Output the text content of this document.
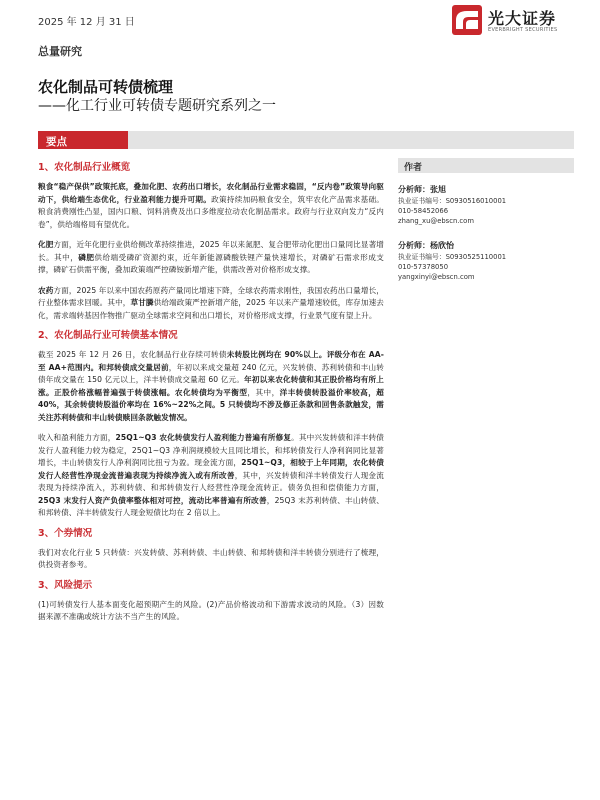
2025 年 12 月 31 日	光大证券
EVERBRIGHT SECURITIES
总量研究
农化制品可转债梳理
——化工行业可转债专题研究系列之一
要点
1、农化制品行业概览

粮食“稳产保供”政策托底，叠加化肥、农药出口增长，农化制品行业需求稳固，“反内卷”政策导向驱动下，供给端生态优化，行业盈利能力提升可期。政策持续加码粮食安全，筑牢农化产品需求基础。粮食消费刚性凸显，国内口粮、饲料消费及出口多维度拉动农化制品需求。政府与行业双向发力“反内卷”，供给端格局有望优化。

化肥方面，近年化肥行业供给侧改革持续推进，2025 年以来氮肥、复合肥带动化肥出口量同比显著增长。其中，磷肥供给端受磷矿资源约束，近年新能源磷酸铁锂产量快速增长，对磷矿石需求形成支撑，磷矿石供需平衡，叠加政策端严控磷铵新增产能，供需改善对价格形成支撑。

农药方面，2025 年以来中国农药原药产量同比增速下降，全球农药需求刚性，我国农药出口量增长，行业整体需求回暖。其中，草甘膦供给端政策严控新增产能，2025 年以来产量增速较低，库存加速去化，需求端转基因作物推广驱动全球需求空间和出口增长，对价格形成支撑，行业景气度有望上升。

2、农化制品行业可转债基本情况

截至 2025 年 12 月 26 日，农化制品行业存续可转债未转股比例均在 90%以上。评级分布在 AA-至 AA+范围内。和邦转债成交量居前，年初以来成交量超 240 亿元，兴发转债、苏利转债和丰山转债年成交量在 150 亿元以上，洋丰转债成交量超 60 亿元。年初以来农化转债和其正股价格均有所上涨。正股价格涨幅普遍强于转债涨幅。农化转债均为平衡型，其中，洋丰转债转股溢价率较高，超 40%，其余转债转股溢价率均在 16%~22%之间。5 只转债均不涉及修正条款和回售条款触发，需关注苏利转债和丰山转债赎回条款触发情况。

收入和盈利能力方面，25Q1~Q3 农化转债发行人盈利能力普遍有所修复。其中兴发转债和洋丰转债发行人盈利能力较为稳定，25Q1~Q3 净利润规模较大且同比增长，和邦转债发行人净利润同比显著增长，丰山转债发行人净利润同比扭亏为盈。现金流方面，25Q1~Q3，相较于上年同期，农化转债发行人经营性净现金流普遍表现为持续净流入或有所改善，其中，兴发转债和洋丰转债发行人现金流表现为持续净流入，苏利转债、和邦转债发行人经营性净现金流转正。债务负担和偿债能力方面，25Q3 末发行人资产负债率整体相对可控，流动比率普遍有所改善，25Q3 末苏利转债、丰山转债、和邦转债、洋丰转债发行人现金短债比均在 2 倍以上。

3、个券情况

我们对农化行业 5 只转债：兴发转债、苏利转债、丰山转债、和邦转债和洋丰转债分别进行了梳理，供投资者参考。

3、风险提示

(1)可转债发行人基本面变化超预期产生的风险。(2)产品价格波动和下游需求波动的风险。（3）因数据来源不准确或统计方法不当产生的风险。

作者
分析师：张旭
执业证书编号：S0930516010001
010-58452066
zhang_xu@ebscn.com
分析师：杨欣怡
执业证书编号：S0930525110001
010-57378050
yangxinyi@ebscn.com
